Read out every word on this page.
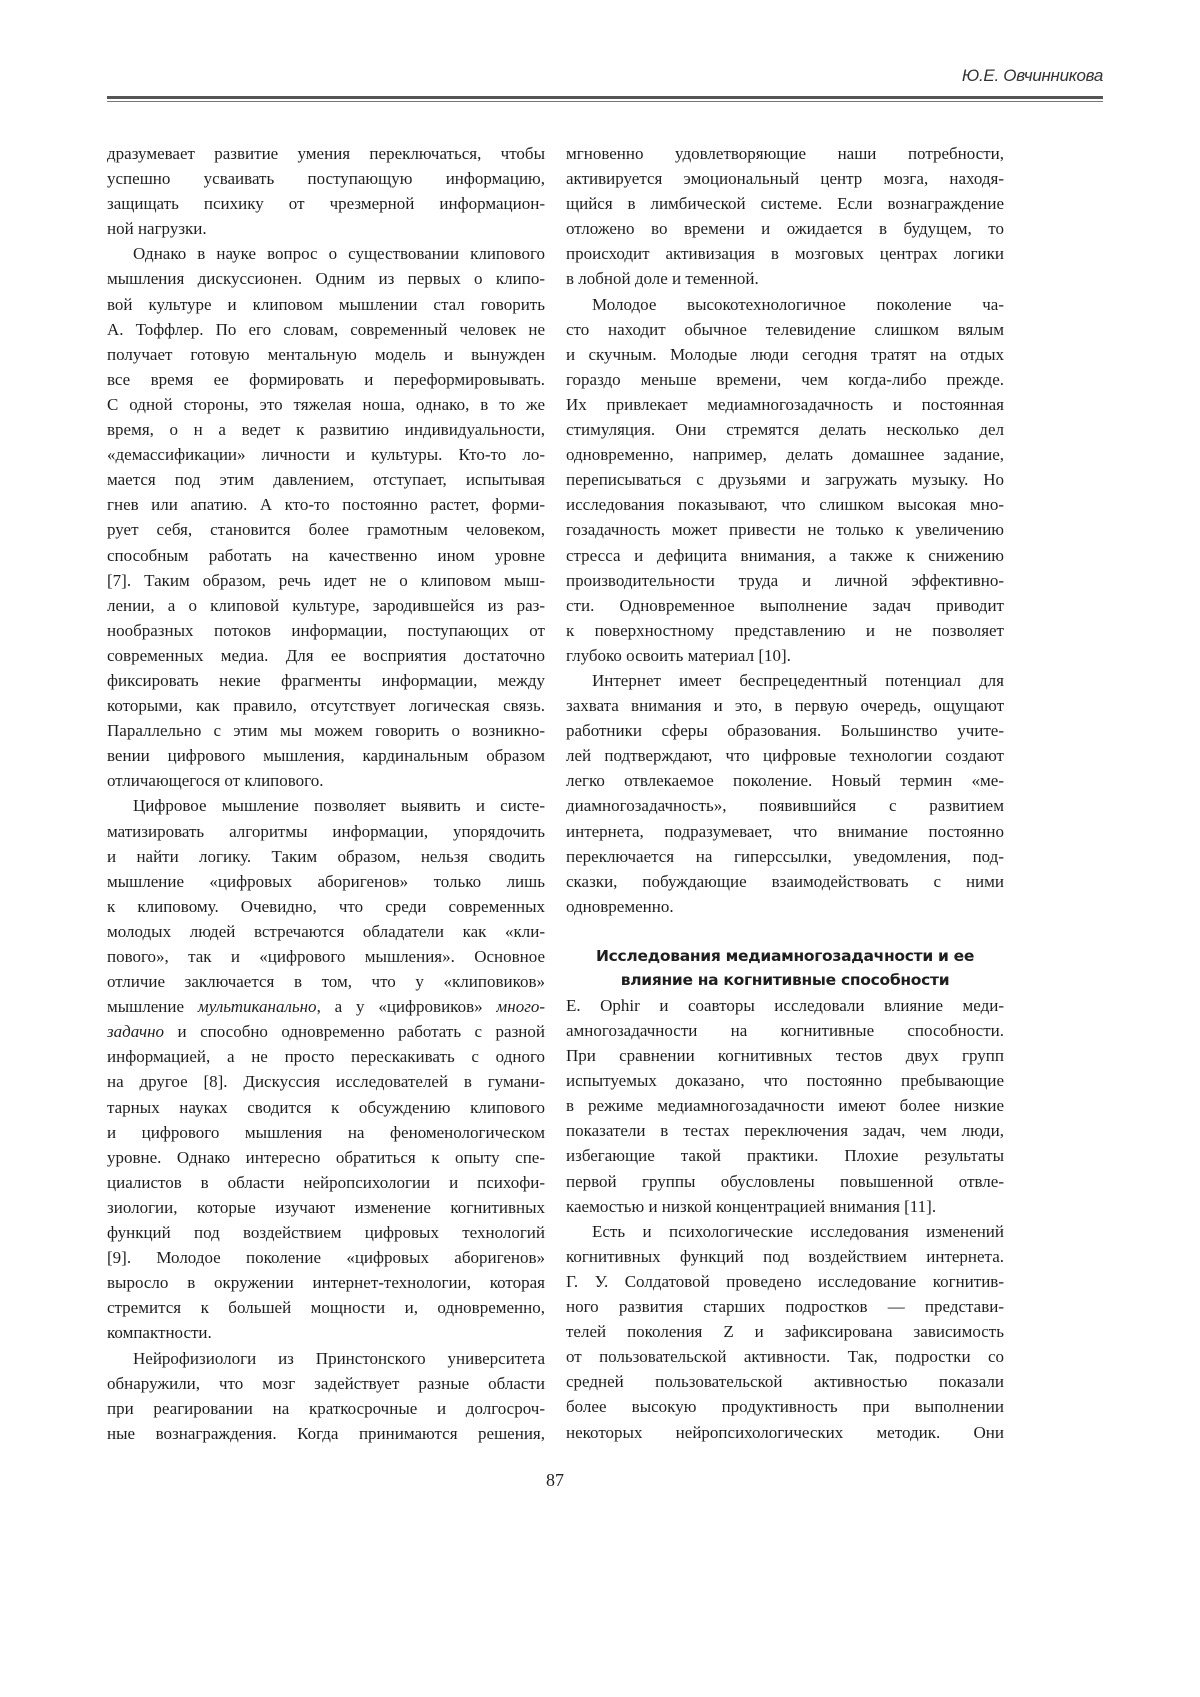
Ю.Е. Овчинникова
дразумевает развитие умения переключаться, чтобы
успешно усваивать поступающую информацию,
защищать психику от чрезмерной информацион-
ной нагрузки.
Однако в науке вопрос о существовании клипового
мышления дискуссионен. Одним из первых о клипо-
вой культуре и клиповом мышлении стал говорить
А. Тоффлер. По его словам, современный человек не
получает готовую ментальную модель и вынужден
все время ее формировать и переформировывать.
С одной стороны, это тяжелая ноша, однако, в то же
время, о н а ведет к развитию индивидуальности,
«демассификации» личности и культуры. Кто-то ло-
мается под этим давлением, отступает, испытывая
гнев или апатию. А кто-то постоянно растет, форми-
рует себя, становится более грамотным человеком,
способным работать на качественно ином уровне
[7]. Таким образом, речь идет не о клиповом мыш-
лении, а о клиповой культуре, зародившейся из раз-
нообразных потоков информации, поступающих от
современных медиа. Для ее восприятия достаточно
фиксировать некие фрагменты информации, между
которыми, как правило, отсутствует логическая связь.
Параллельно с этим мы можем говорить о возникно-
вении цифрового мышления, кардинальным образом
отличающегося от клипового.
Цифровое мышление позволяет выявить и систе-
матизировать алгоритмы информации, упорядочить
и найти логику. Таким образом, нельзя сводить
мышление «цифровых аборигенов» только лишь
к клиповому. Очевидно, что среди современных
молодых людей встречаются обладатели как «кли-
пового», так и «цифрового мышления». Основное
отличие заключается в том, что у «клиповиков»
мышление мультиканально, а у «цифровиков» много-
задачно и способно одновременно работать с разной
информацией, а не просто перескакивать с одного
на другое [8]. Дискуссия исследователей в гумани-
тарных науках сводится к обсуждению клипового
и цифрового мышления на феноменологическом
уровне. Однако интересно обратиться к опыту спе-
циалистов в области нейропсихологии и психофи-
зиологии, которые изучают изменение когнитивных
функций под воздействием цифровых технологий
[9]. Молодое поколение «цифровых аборигенов»
выросло в окружении интернет-технологии, которая
стремится к большей мощности и, одновременно,
компактности.
Нейрофизиологи из Принстонского университета
обнаружили, что мозг задействует разные области
при реагировании на краткосрочные и долгосроч-
ные вознаграждения. Когда принимаются решения,
мгновенно удовлетворяющие наши потребности,
активируется эмоциональный центр мозга, находя-
щийся в лимбической системе. Если вознаграждение
отложено во времени и ожидается в будущем, то
происходит активизация в мозговых центрах логики
в лобной доле и теменной.
Молодое высокотехнологичное поколение ча-
сто находит обычное телевидение слишком вялым
и скучным. Молодые люди сегодня тратят на отдых
гораздо меньше времени, чем когда-либо прежде.
Их привлекает медиамногозадачность и постоянная
стимуляция. Они стремятся делать несколько дел
одновременно, например, делать домашнее задание,
переписываться с друзьями и загружать музыку. Но
исследования показывают, что слишком высокая мно-
гозадачность может привести не только к увеличению
стресса и дефицита внимания, а также к снижению
производительности труда и личной эффективно-
сти. Одновременное выполнение задач приводит
к поверхностному представлению и не позволяет
глубоко освоить материал [10].
Интернет имеет беспрецедентный потенциал для
захвата внимания и это, в первую очередь, ощущают
работники сферы образования. Большинство учите-
лей подтверждают, что цифровые технологии создают
легко отвлекаемое поколение. Новый термин «ме-
диамногозадачность», появившийся с развитием
интернета, подразумевает, что внимание постоянно
переключается на гиперссылки, уведомления, под-
сказки, побуждающие взаимодействовать с ними
одновременно.
Исследования медиамногозадачности и ее
влияние на когнитивные способности
E. Ophir и соавторы исследовали влияние меди-
амногозадачности на когнитивные способности.
При сравнении когнитивных тестов двух групп
испытуемых доказано, что постоянно пребывающие
в режиме медиамногозадачности имеют более низкие
показатели в тестах переключения задач, чем люди,
избегающие такой практики. Плохие результаты
первой группы обусловлены повышенной отвле-
каемостью и низкой концентрацией внимания [11].
Есть и психологические исследования изменений
когнитивных функций под воздействием интернета.
Г. У. Солдатовой проведено исследование когнитив-
ного развития старших подростков — представи-
телей поколения Z и зафиксирована зависимость
от пользовательской активности. Так, подростки со
средней пользовательской активностью показали
более высокую продуктивность при выполнении
некоторых нейропсихологических методик. Они
87
